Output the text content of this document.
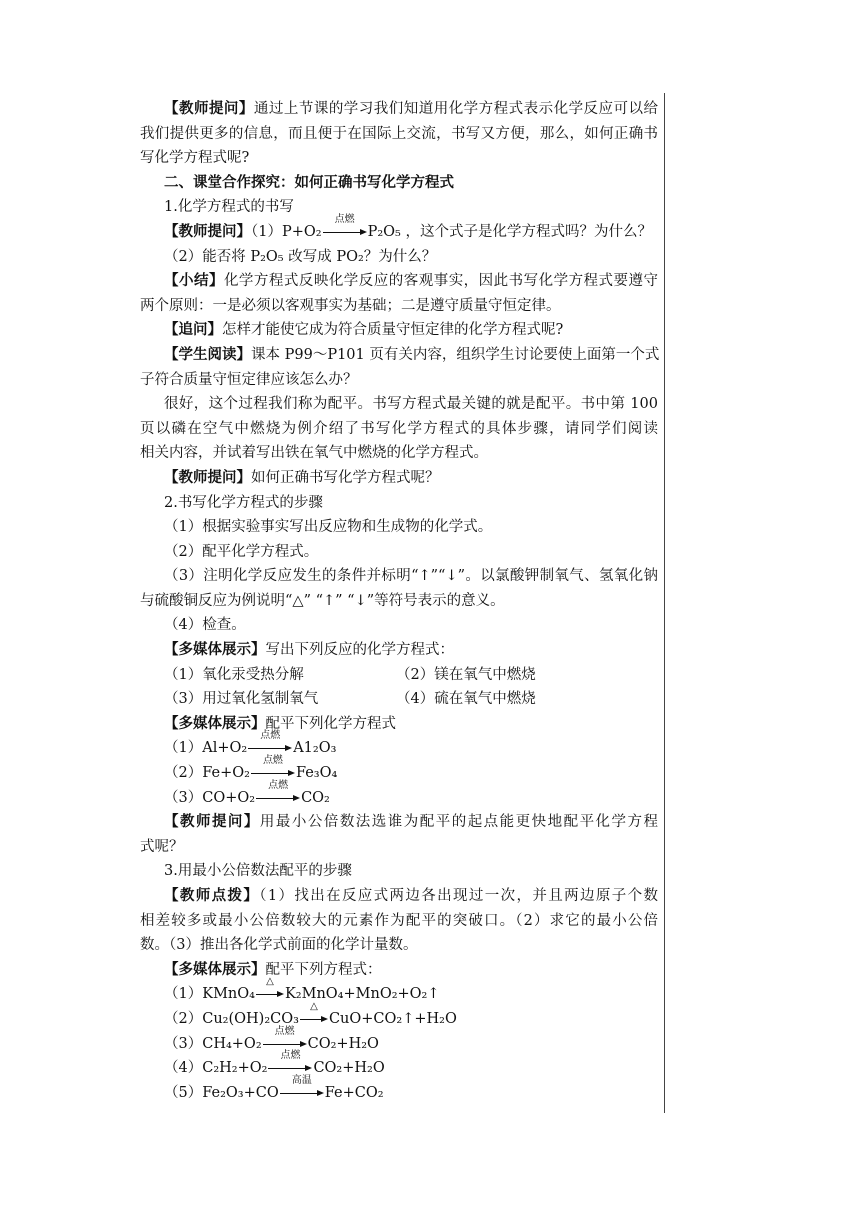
【教师提问】通过上节课的学习我们知道用化学方程式表示化学反应可以给
我们提供更多的信息，而且便于在国际上交流，书写又方便，那么，如何正确书
写化学方程式呢?
二、课堂合作探究：如何正确书写化学方程式
1.化学方程式的书写
【教师提问】（1）P+O₂
点燃
P₂O₅ ，这个式子是化学方程式吗？为什么？
（2）能否将 P₂O₅ 改写成 PO₂？为什么？
【小结】化学方程式反映化学反应的客观事实，因此书写化学方程式要遵守
两个原则：一是必须以客观事实为基础；二是遵守质量守恒定律。
【追问】怎样才能使它成为符合质量守恒定律的化学方程式呢?
【学生阅读】课本 P99～P101 页有关内容，组织学生讨论要使上面第一个式
子符合质量守恒定律应该怎么办？
很好，这个过程我们称为配平。书写方程式最关键的就是配平。书中第 100
页以磷在空气中燃烧为例介绍了书写化学方程式的具体步骤，请同学们阅读
相关内容，并试着写出铁在氧气中燃烧的化学方程式。
【教师提问】如何正确书写化学方程式呢？
2.书写化学方程式的步骤
（1）根据实验事实写出反应物和生成物的化学式。
（2）配平化学方程式。
（3）注明化学反应发生的条件并标明“↑”“↓”。以氯酸钾制氧气、氢氧化钠
与硫酸铜反应为例说明“△” “↑” “↓”等符号表示的意义。
（4）检查。
【多媒体展示】写出下列反应的化学方程式：
（1）氧化汞受热分解	（2）镁在氧气中燃烧
（3）用过氧化氢制氧气	（4）硫在氧气中燃烧
【多媒体展示】配平下列化学方程式
（1）Al+O₂
点燃
A1₂O₃
（2）Fe+O₂
点燃
Fe₃O₄
（3）CO+O₂
点燃
CO₂
【教师提问】用最小公倍数法选谁为配平的起点能更快地配平化学方程
式呢？
3.用最小公倍数法配平的步骤
【教师点拨】（1）找出在反应式两边各出现过一次，并且两边原子个数
相差较多或最小公倍数较大的元素作为配平的突破口。（2）求它的最小公倍
数。（3）推出各化学式前面的化学计量数。
【多媒体展示】配平下列方程式：
（1）KMnO₄
△
K₂MnO₄+MnO₂+O₂↑
（2）Cu₂(OH)₂CO₃
△
CuO+CO₂↑+H₂O
（3）CH₄+O₂
点燃
CO₂+H₂O
（4）C₂H₂+O₂
点燃
CO₂+H₂O
（5）Fe₂O₃+CO
高温
Fe+CO₂
